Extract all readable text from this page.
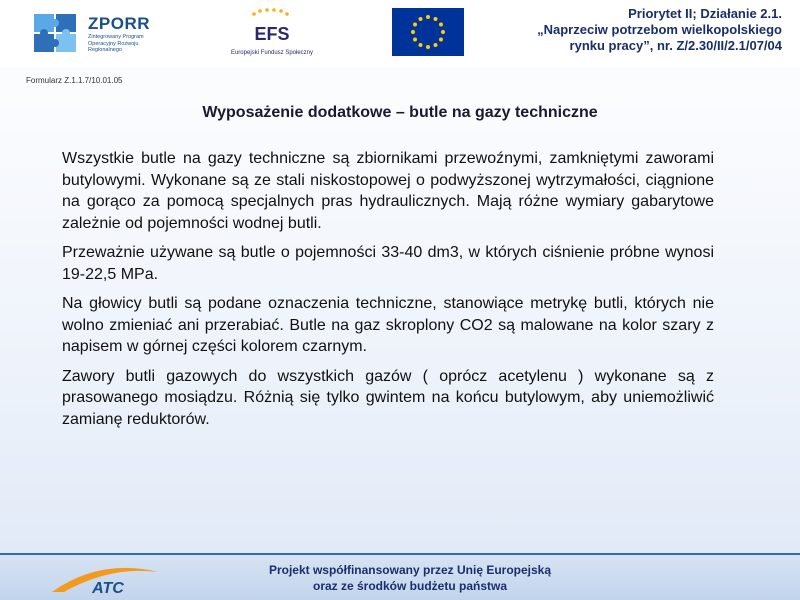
ZPORR
Zintegrowany Program Operacyjny Rozwoju Regionalnego
EFS
Europejski Fundusz Społeczny
Priorytet II; Działanie 2.1.
„Naprzeciw potrzebom wielkopolskiego
rynku pracy”, nr. Z/2.30/II/2.1/07/04
Formularz Z.1.1.7/10.01.05
Wyposażenie dodatkowe – butle na gazy techniczne

Wszystkie butle na gazy techniczne są zbiornikami przewoźnymi, zamkniętymi zaworami butylowymi. Wykonane są ze stali niskostopowej o podwyższonej wytrzymałości, ciągnione na gorąco za pomocą specjalnych pras hydraulicznych. Mają różne wymiary gabarytowe zależnie od pojemności wodnej butli.

Przeważnie używane są butle o pojemności 33-40 dm3, w których ciśnienie próbne wynosi 19-22,5 MPa.

Na głowicy butli są podane oznaczenia techniczne, stanowiące metrykę butli, których nie wolno zmieniać ani przerabiać. Butle na gaz skroplony CO2 są malowane na kolor szary z napisem w górnej części kolorem czarnym.

Zawory butli gazowych do wszystkich gazów ( oprócz acetylenu ) wykonane są z prasowanego mosiądzu. Różnią się tylko gwintem na końcu butylowym, aby uniemożliwić zamianę reduktorów.

ATC
Projekt współfinansowany przez Unię Europejską
oraz ze środków budżetu państwa
